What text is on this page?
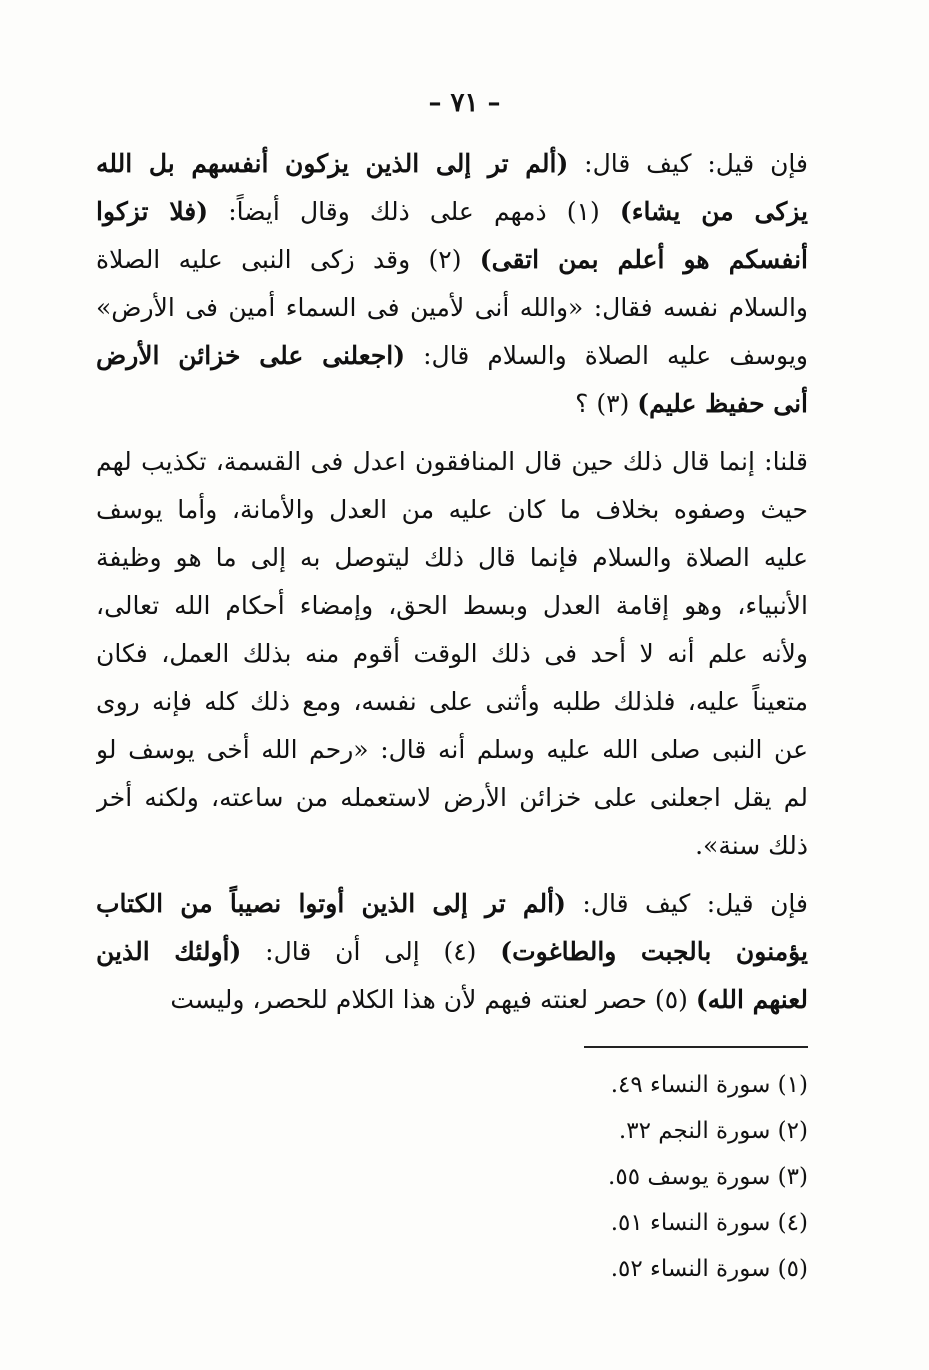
– ٧١ –
فإن قيل: كيف قال: (ألم تر إلى الذين يزكون أنفسهم بل الله
يزكى من يشاء) (١) ذمهم على ذلك وقال أيضاً: (فلا تزكوا
أنفسكم هو أعلم بمن اتقى) (٢) وقد زكى النبى عليه الصلاة
والسلام نفسه فقال: «والله أنى لأمين فى السماء أمين فى الأرض»
ويوسف عليه الصلاة والسلام قال: (اجعلنى على خزائن الأرض
أنى حفيظ عليم) (٣) ؟
قلنا: إنما قال ذلك حين قال المنافقون اعدل فى القسمة، تكذيب لهم
حيث وصفوه بخلاف ما كان عليه من العدل والأمانة، وأما يوسف
عليه الصلاة والسلام فإنما قال ذلك ليتوصل به إلى ما هو وظيفة
الأنبياء، وهو إقامة العدل وبسط الحق، وإمضاء أحكام الله تعالى،
ولأنه علم أنه لا أحد فى ذلك الوقت أقوم منه بذلك العمل، فكان
متعيناً عليه، فلذلك طلبه وأثنى على نفسه، ومع ذلك كله فإنه روى
عن النبى صلى الله عليه وسلم أنه قال: «رحم الله أخى يوسف لو
لم يقل اجعلنى على خزائن الأرض لاستعمله من ساعته، ولكنه أخر
ذلك سنة».
فإن قيل: كيف قال: (ألم تر إلى الذين أوتوا نصيباً من الكتاب
يؤمنون بالجبت والطاغوت) (٤) إلى أن قال: (أولئك الذين
لعنهم الله) (٥) حصر لعنته فيهم لأن هذا الكلام للحصر، وليست
(١) سورة النساء ٤٩.
(٢) سورة النجم ٣٢.
(٣) سورة يوسف ٥٥.
(٤) سورة النساء ٥١.
(٥) سورة النساء ٥٢.
